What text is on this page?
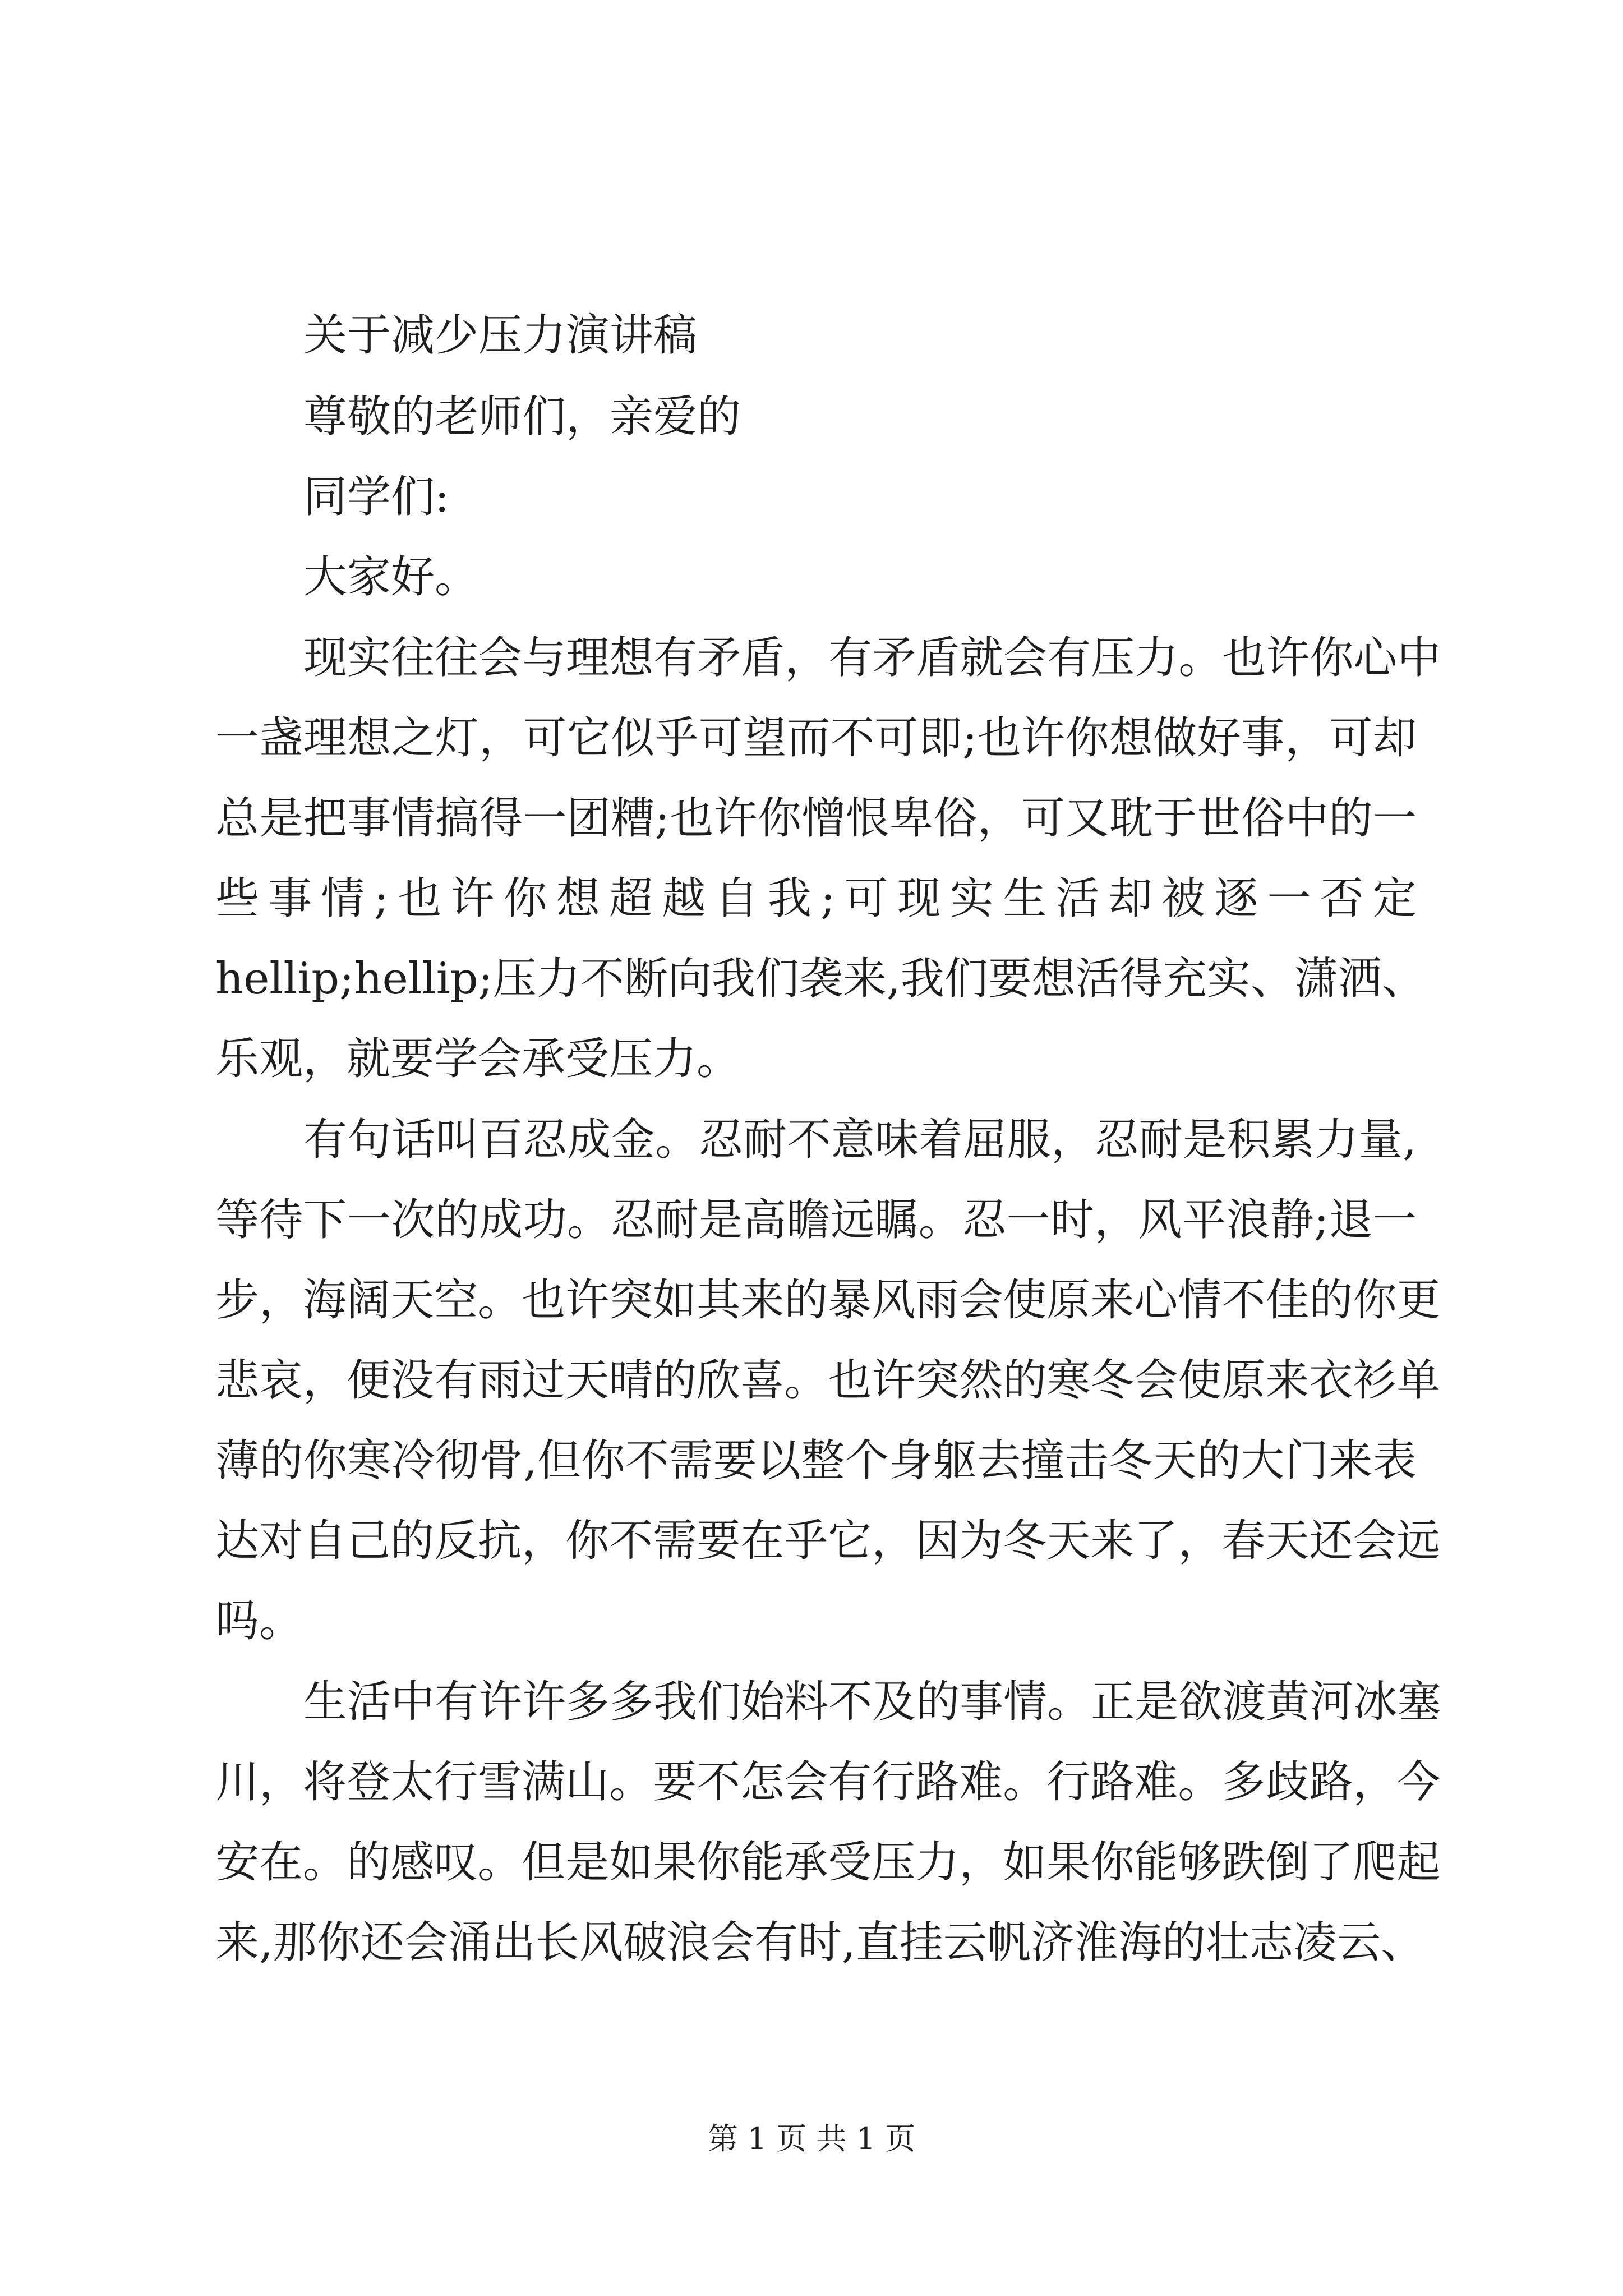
关于减少压力演讲稿
尊敬的老师们，亲爱的
同学们:
大家好。
现 实 往 往 会 与 理 想 有 矛 盾 ， 有 矛 盾 就 会 有 压 力 。 也 许 你 心 中
一 盏 理 想 之 灯 ， 可 它 似 乎 可 望 而 不 可 即 ; 也 许 你 想 做 好 事 ， 可 却
总 是 把 事 情 搞 得 一 团 糟 ; 也 许 你 憎 恨 卑 俗 ， 可 又 耽 于 世 俗 中 的 一
些 事 情 ; 也 许 你 想 超 越 自 我 ; 可 现 实 生 活 却 被 逐 一 否 定
hellip;hellip; 压 力 不 断 向 我 们 袭 来 , 我 们 要 想 活 得 充 实 、 潇 洒 、
乐观，就要学会承受压力。
有 句 话 叫 百 忍 成 金 。 忍 耐 不 意 味 着 屈 服 ， 忍 耐 是 积 累 力 量 ,
等 待 下 一 次 的 成 功 。 忍 耐 是 高 瞻 远 瞩 。 忍 一 时 ， 风 平 浪 静 ; 退 一
步 ， 海 阔 天 空 。 也 许 突 如 其 来 的 暴 风 雨 会 使 原 来 心 情 不 佳 的 你 更
悲 哀 ， 便 没 有 雨 过 天 晴 的 欣 喜 。 也 许 突 然 的 寒 冬 会 使 原 来 衣 衫 单
薄 的 你 寒 冷 彻 骨 , 但 你 不 需 要 以 整 个 身 躯 去 撞 击 冬 天 的 大 门 来 表
达 对 自 己 的 反 抗 ， 你 不 需 要 在 乎 它 ， 因 为 冬 天 来 了 ， 春 天 还 会 远
吗。
生 活 中 有 许 许 多 多 我 们 始 料 不 及 的 事 情 。 正 是 欲 渡 黄 河 冰 塞
川 ， 将 登 太 行 雪 满 山 。 要 不 怎 会 有 行 路 难 。 行 路 难 。 多 歧 路 ， 今
安 在 。 的 感 叹 。 但 是 如 果 你 能 承 受 压 力 ， 如 果 你 能 够 跌 倒 了 爬 起
来 , 那 你 还 会 涌 出 长 风 破 浪 会 有 时 , 直 挂 云 帆 济 淮 海 的 壮 志 凌 云 、
第 1 页 共 1 页
